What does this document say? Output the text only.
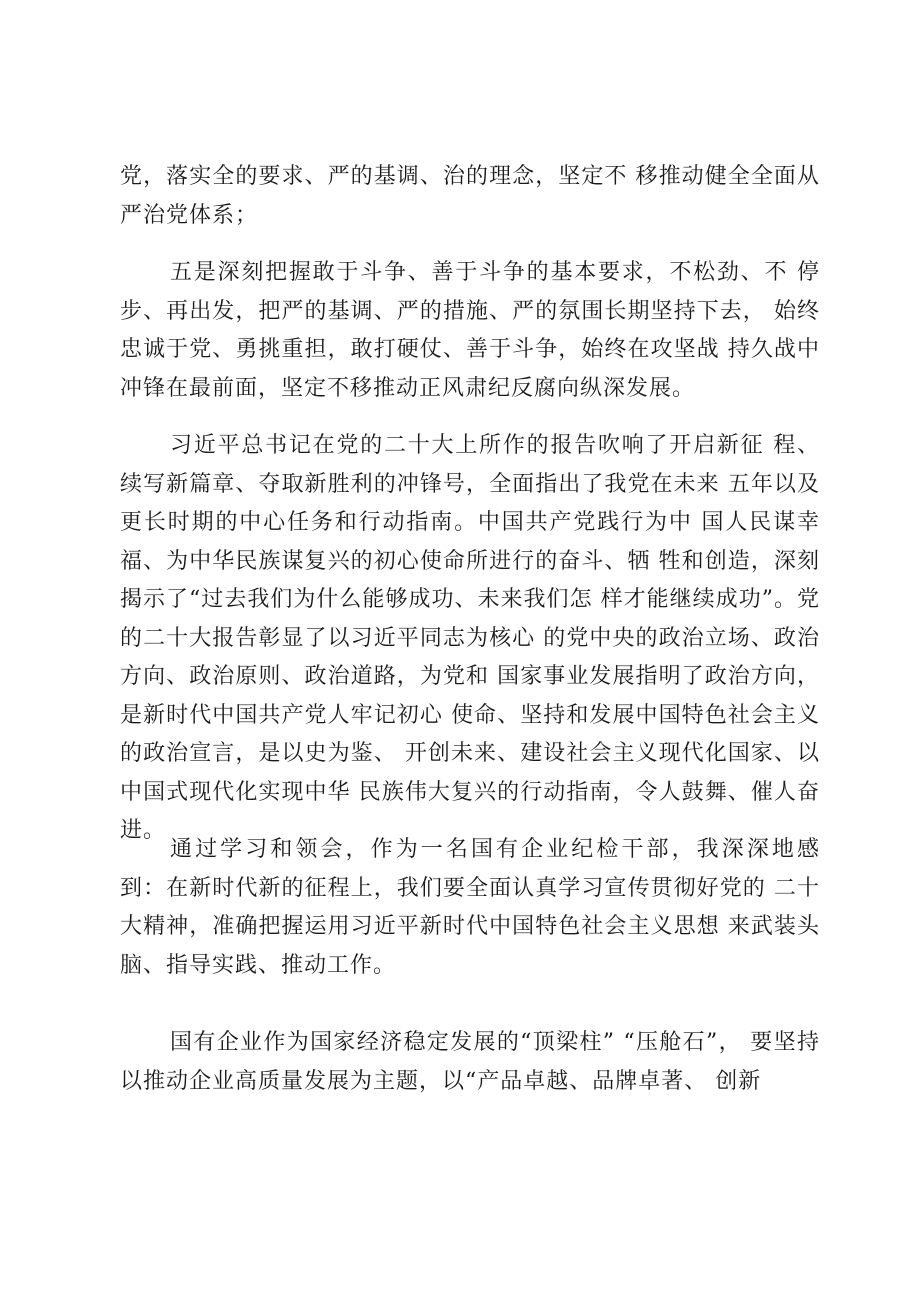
党，落实全的要求、严的基调、治的理念，坚定不 移推动健全全面从严治党体系；

五是深刻把握敢于斗争、善于斗争的基本要求，不松劲、不 停步、再出发，把严的基调、严的措施、严的氛围长期坚持下去， 始终忠诚于党、勇挑重担，敢打硬仗、善于斗争，始终在攻坚战 持久战中冲锋在最前面，坚定不移推动正风肃纪反腐向纵深发展。

习近平总书记在党的二十大上所作的报告吹响了开启新征 程、续写新篇章、夺取新胜利的冲锋号，全面指出了我党在未来 五年以及更长时期的中心任务和行动指南。中国共产党践行为中 国人民谋幸福、为中华民族谋复兴的初心使命所进行的奋斗、牺 牲和创造，深刻揭示了“过去我们为什么能够成功、未来我们怎 样才能继续成功”。党的二十大报告彰显了以习近平同志为核心 的党中央的政治立场、政治方向、政治原则、政治道路，为党和 国家事业发展指明了政治方向，是新时代中国共产党人牢记初心 使命、坚持和发展中国特色社会主义的政治宣言，是以史为鉴、 开创未来、建设社会主义现代化国家、以中国式现代化实现中华 民族伟大复兴的行动指南，令人鼓舞、催人奋进。

通过学习和领会，作为一名国有企业纪检干部，我深深地感 到：在新时代新的征程上，我们要全面认真学习宣传贯彻好党的 二十大精神，准确把握运用习近平新时代中国特色社会主义思想 来武装头脑、指导实践、推动工作。

国有企业作为国家经济稳定发展的“顶梁柱” “压舱石”， 要坚持以推动企业高质量发展为主题，以“产品卓越、品牌卓著、 创新
